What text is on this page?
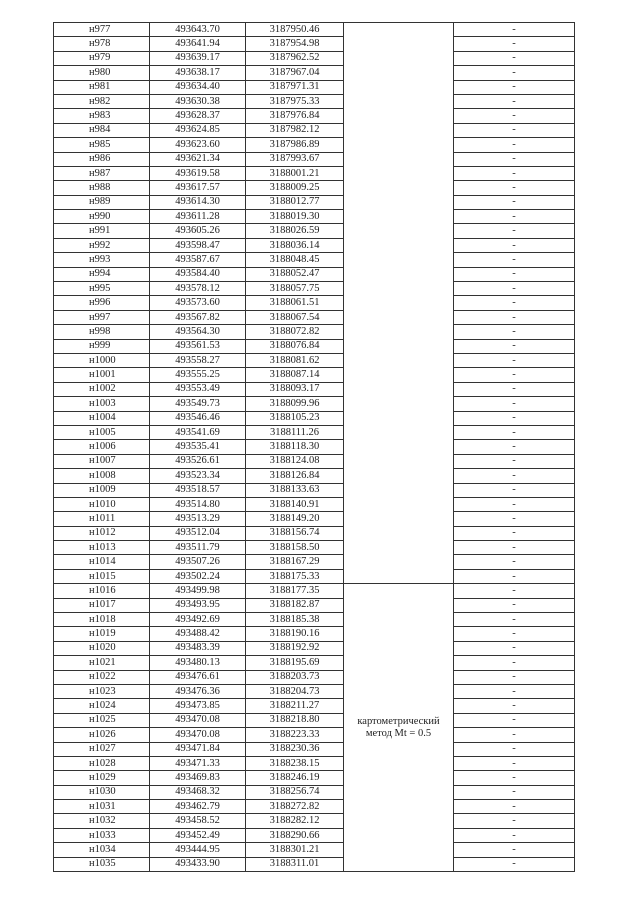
н977	493643.70	3187950.46		-
н978	493641.94	3187954.98		-
н979	493639.17	3187962.52		-
н980	493638.17	3187967.04		-
н981	493634.40	3187971.31		-
н982	493630.38	3187975.33		-
н983	493628.37	3187976.84		-
н984	493624.85	3187982.12		-
н985	493623.60	3187986.89		-
н986	493621.34	3187993.67		-
н987	493619.58	3188001.21		-
н988	493617.57	3188009.25		-
н989	493614.30	3188012.77		-
н990	493611.28	3188019.30		-
н991	493605.26	3188026.59		-
н992	493598.47	3188036.14		-
н993	493587.67	3188048.45		-
н994	493584.40	3188052.47		-
н995	493578.12	3188057.75		-
н996	493573.60	3188061.51		-
н997	493567.82	3188067.54		-
н998	493564.30	3188072.82		-
н999	493561.53	3188076.84		-
н1000	493558.27	3188081.62		-
н1001	493555.25	3188087.14		-
н1002	493553.49	3188093.17		-
н1003	493549.73	3188099.96		-
н1004	493546.46	3188105.23		-
н1005	493541.69	3188111.26		-
н1006	493535.41	3188118.30		-
н1007	493526.61	3188124.08		-
н1008	493523.34	3188126.84		-
н1009	493518.57	3188133.63		-
н1010	493514.80	3188140.91		-
н1011	493513.29	3188149.20		-
н1012	493512.04	3188156.74		-
н1013	493511.79	3188158.50		-
н1014	493507.26	3188167.29		-
н1015	493502.24	3188175.33		-
н1016	493499.98	3188177.35	картометрический
метод Mt = 0.5	-
н1017	493493.95	3188182.87		-
н1018	493492.69	3188185.38		-
н1019	493488.42	3188190.16		-
н1020	493483.39	3188192.92		-
н1021	493480.13	3188195.69		-
н1022	493476.61	3188203.73		-
н1023	493476.36	3188204.73		-
н1024	493473.85	3188211.27		-
н1025	493470.08	3188218.80		-
н1026	493470.08	3188223.33		-
н1027	493471.84	3188230.36		-
н1028	493471.33	3188238.15		-
н1029	493469.83	3188246.19		-
н1030	493468.32	3188256.74		-
н1031	493462.79	3188272.82		-
н1032	493458.52	3188282.12		-
н1033	493452.49	3188290.66		-
н1034	493444.95	3188301.21		-
н1035	493433.90	3188311.01		-
